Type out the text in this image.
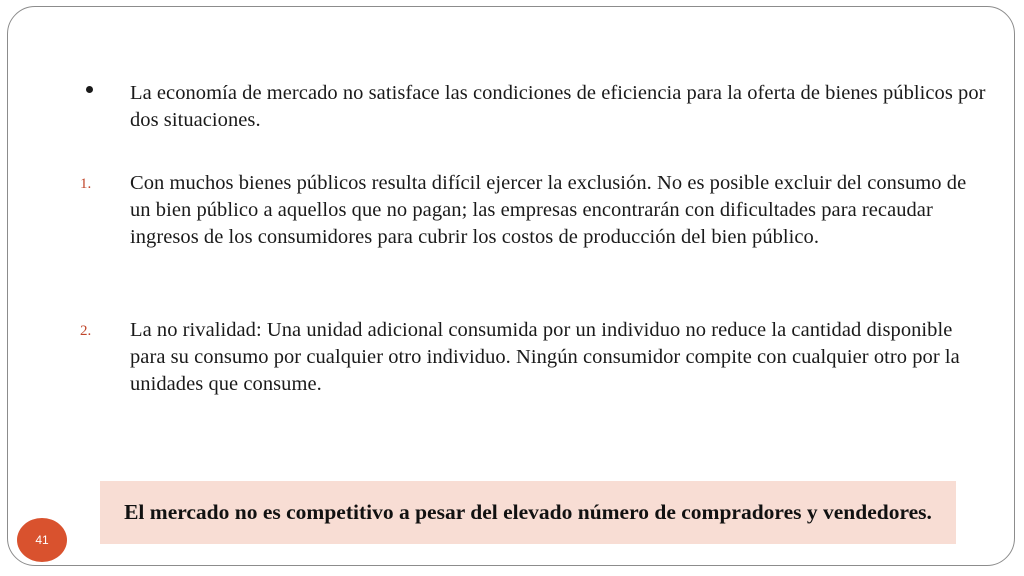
La economía de mercado no satisface las condiciones de eficiencia para la oferta de bienes públicos por dos situaciones.

1. Con muchos bienes públicos resulta difícil ejercer la exclusión. No es posible excluir del consumo de un bien público a aquellos que no pagan; las empresas encontrarán con dificultades para recaudar ingresos de los consumidores para cubrir los costos de producción del bien público.

2. La no rivalidad: Una unidad adicional consumida por un individuo no reduce la cantidad disponible para su consumo por cualquier otro individuo. Ningún consumidor compite con cualquier otro por la unidades que consume.

El mercado no es competitivo a pesar del elevado número de compradores y vendedores.
41
